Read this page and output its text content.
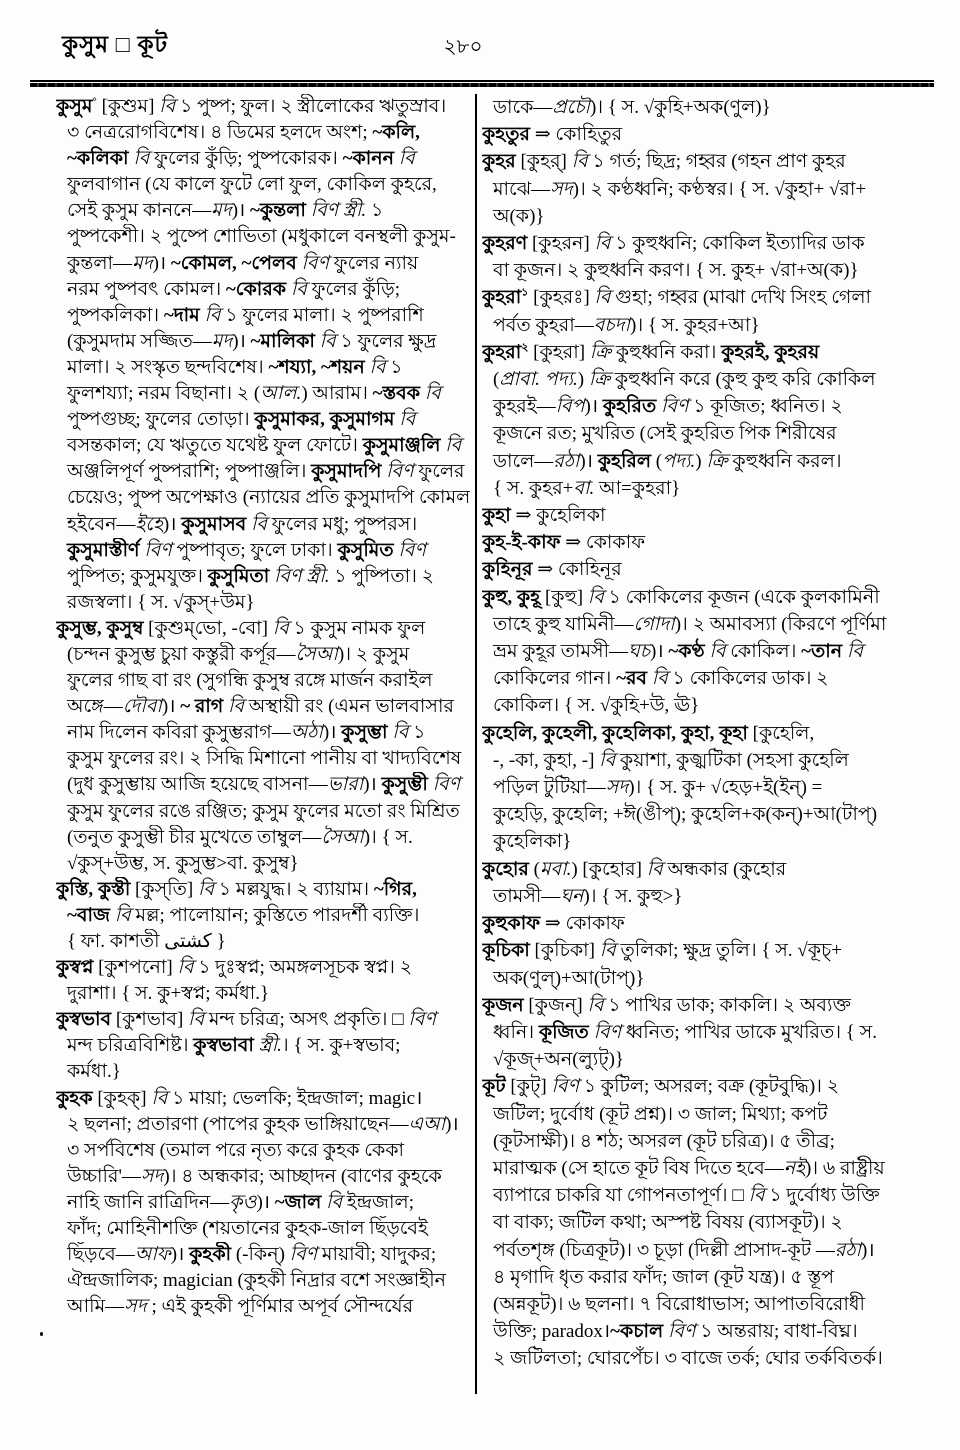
কুসুম □ কূট	২৮০
কুসুম° [কুশুম] বি ১ পুষ্প; ফুল। ২ স্ত্রীলোকের ঋতুস্রাব।
৩ নেত্ররোগবিশেষ। ৪ ডিমের হলদে অংশ; ~কলি,
~কলিকা বি ফুলের কুঁড়ি; পুষ্পকোরক। ~কানন বি
ফুলবাগান (যে কালে ফুটে লো ফুল, কোকিল কুহরে,
সেই কুসুম কাননে—মদ)। ~কুন্তলা বিণ স্ত্রী. ১
পুষ্পকেশী। ২ পুষ্পে শোভিতা (মধুকালে বনস্থলী কুসুম-
কুন্তলা—মদ)। ~কোমল, ~পেলব বিণ ফুলের ন্যায়
নরম পুষ্পবৎ কোমল। ~কোরক বি ফুলের কুঁড়ি;
পুষ্পকলিকা। ~দাম বি ১ ফুলের মালা। ২ পুষ্পরাশি
(কুসুমদাম সজ্জিত—মদ)। ~মালিকা বি ১ ফুলের ক্ষুদ্র
মালা। ২ সংস্কৃত ছন্দবিশেষ। ~শয্যা, ~শয়ন বি ১
ফুলশয্যা; নরম বিছানা। ২ (আল.) আরাম। ~স্তবক বি
পুষ্পগুচ্ছ; ফুলের তোড়া। কুসুমাকর, কুসুমাগম বি
বসন্তকাল; যে ঋতুতে যথেষ্ট ফুল ফোটে। কুসুমাঞ্জলি বি
অঞ্জলিপূর্ণ পুষ্পরাশি; পুষ্পাঞ্জলি। কুসুমাদপি বিণ ফুলের
চেয়েও; পুষ্প অপেক্ষাও (ন্যায়ের প্রতি কুসুমাদপি কোমল
হইবেন—ইহে)। কুসুমাসব বি ফুলের মধু; পুষ্পরস।
কুসুমাস্তীর্ণ বিণ পুষ্পাবৃত; ফুলে ঢাকা। কুসুমিত বিণ
পুষ্পিত; কুসুমযুক্ত। কুসুমিতা বিণ স্ত্রী. ১ পুষ্পিতা। ২
রজস্বলা। { স. √কুস্+উম}
কুসুম্ভ, কুসুম্ব [কুশুম্‌ভো, -বো] বি ১ কুসুম নামক ফুল
(চন্দন কুসুম্ভ চুয়া কস্তুরী কর্পূর—সৈআ)। ২ কুসুম
ফুলের গাছ বা রং (সুগন্ধি কুসুম্ব রঙ্গে মার্জন করাইল
অঙ্গে—দৌবা)। ~ রাগ বি অস্থায়ী রং (এমন ভালবাসার
নাম দিলেন কবিরা কুসুম্ভরাগ—অঠা)। কুসুম্ভা বি ১
কুসুম ফুলের রং। ২ সিদ্ধি মিশানো পানীয় বা খাদ্যবিশেষ
(দুধ কুসুম্ভায় আজি হয়েছে বাসনা—ভারা)। কুসুম্ভী বিণ
কুসুম ফুলের রঙে রঞ্জিত; কুসুম ফুলের মতো রং মিশ্রিত
(তনুত কুসুম্ভী চীর মুখেতে তাম্বুল—সৈআ)। { স.
√কুস্+উম্ভ, স. কুসুম্ভ>বা. কুসুম্ব}
কুস্তি, কুস্তী [কুস্‌তি] বি ১ মল্লযুদ্ধ। ২ ব্যায়াম। ~গির,
~বাজ বি মল্ল; পালোয়ান; কুস্তিতে পারদর্শী ব্যক্তি।
{ ফা. কাশতী كشتى }
কুস্বপ্ন [কুশপনো] বি ১ দুঃস্বপ্ন; অমঙ্গলসূচক স্বপ্ন। ২
দুরাশা। { স. কু+স্বপ্ন; কর্মধা.}
কুস্বভাব [কুশভাব] বি মন্দ চরিত্র; অসৎ প্রকৃতি। □ বিণ
মন্দ চরিত্রবিশিষ্ট। কুস্বভাবা স্ত্রী.। { স. কু+স্বভাব;
কর্মধা.}
কুহক [কুহক্] বি ১ মায়া; ভেলকি; ইন্দ্রজাল; magic।
২ ছলনা; প্রতারণা (পাপের কুহক ভাঙ্গিয়াছেন—এআ)।
৩ সর্পবিশেষ (তমাল পরে নৃত্য করে কুহক কেকা
উচ্চারি'—সদ)। ৪ অন্ধকার; আচ্ছাদন (বাণের কুহকে
নাহি জানি রাত্রিদিন—কৃও)। ~জাল বি ইন্দ্রজাল;
ফাঁদ; মোহিনীশক্তি (শয়তানের কুহক-জাল ছিঁড়বেই
ছিঁড়বে—আফ)। কুহকী (-কিন্) বিণ মায়াবী; যাদুকর;
ঐন্দ্রজালিক; magician (কুহকী নিদ্রার বশে সংজ্ঞাহীন
আমি—সদ ; এই কুহকী পূর্ণিমার অপূর্ব সৌন্দর্যের
ডাকে—প্রচৌ)। { স. √কুহি+অক(ণুল)}
কুহতুর ⇒ কোহিতুর
কুহর [কুহর্] বি ১ গর্ত; ছিদ্র; গহ্বর (গহন প্রাণ কুহর
মাঝে—সদ)। ২ কণ্ঠধ্বনি; কণ্ঠস্বর। { স. √কুহা+ √রা+
অ(ক)}
কুহরণ [কুহরন] বি ১ কুহুধ্বনি; কোকিল ইত্যাদির ডাক
বা কূজন। ২ কুহুধ্বনি করণ। { স. কুহ+ √রা+অ(ক)}
কুহরা$^১$ [কুহরঃ] বি গুহা; গহ্বর (মাঝা দেখি সিংহ গেলা
পর্বত কুহরা—বচদা)। { স. কুহর+আ}
কুহরা$^২$ [কুহরা] ক্রি কুহুধ্বনি করা। কুহরই, কুহরয়
(প্রাবা. পদ্য.) ক্রি কুহুধ্বনি করে (কুহু কুহু করি কোকিল
কুহরই—বিপ)। কুহরিত বিণ ১ কূজিত; ধ্বনিত। ২
কূজনে রত; মুখরিত (সেই কুহরিত পিক শিরীষের
ডালে—রঠা)। কুহরিল (পদ্য.) ক্রি কুহুধ্বনি করল।
{ স. কুহর+বা. আ=কুহরা}
কুহা ⇒ কুহেলিকা
কুহ-ই-কাফ ⇒ কোকাফ
কুহিনূর ⇒ কোহিনূর
কুহু, কুহূ [কুহু] বি ১ কোকিলের কূজন (একে কুলকামিনী
তাহে কুহু যামিনী—গোদা)। ২ অমাবস্যা (কিরণে পূর্ণিমা
ভ্রম কুহূর তামসী—ঘচ)। ~কণ্ঠ বি কোকিল। ~তান বি
কোকিলের গান। ~রব বি ১ কোকিলের ডাক। ২
কোকিল। { স. √কুহি+উ, ঊ}
কুহেলি, কুহেলী, কুহেলিকা, কুহা, কূহা [কুহেলি,
-, -কা, কুহা, -] বি কুয়াশা, কুজ্ঝটিকা (সহসা কুহেলি
পড়িল টুটিয়া—সদ)। { স. কু+ √হেড়+ই(ইন্) =
কুহেড়ি, কুহেলি; +ঈ(ঙীপ্); কুহেলি+ক(কন্)+আ(টাপ্)
কুহেলিকা}
কুহোর (মবা.) [কুহোর] বি অন্ধকার (কুহোর
তামসী—ঘন)। { স. কুহু>}
কুহুকাফ ⇒ কোকাফ
কূচিকা [কুচিকা] বি তুলিকা; ক্ষুদ্র তুলি। { স. √কূচ্+
অক(ণুল্)+আ(টাপ্)}
কূজন [কুজন্] বি ১ পাখির ডাক; কাকলি। ২ অব্যক্ত
ধ্বনি। কূজিত বিণ ধ্বনিত; পাখির ডাকে মুখরিত। { স.
√কূজ্+অন(ল্যুট্)}
কূট [কুট্] বিণ ১ কুটিল; অসরল; বক্র (কূটবুদ্ধি)। ২
জটিল; দুর্বোধ (কূট প্রশ্ন)। ৩ জাল; মিথ্যা; কপট
(কূটসাক্ষী)। ৪ শঠ; অসরল (কূট চরিত্র)। ৫ তীব্র;
মারাত্মক (সে হাতে কূট বিষ দিতে হবে—নই)। ৬ রাষ্ট্রীয়
ব্যাপারে চাকরি যা গোপনতাপূর্ণ। □ বি ১ দুর্বোধ্য উক্তি
বা বাক্য; জটিল কথা; অস্পষ্ট বিষয় (ব্যাসকূট)। ২
পর্বতশৃঙ্গ (চিত্রকূট)। ৩ চূড়া (দিল্লী প্রাসাদ-কূট —রঠা)।
৪ মৃগাদি ধৃত করার ফাঁদ; জাল (কূট যন্ত্র)। ৫ স্তূপ
(অন্নকূট)। ৬ ছলনা। ৭ বিরোধাভাস; আপাতবিরোধী
উক্তি; paradox।~কচাল বিণ ১ অন্তরায়; বাধা-বিঘ্ন।
২ জটিলতা; ঘোরপেঁচ। ৩ বাজে তর্ক; ঘোর তর্কবিতর্ক।
